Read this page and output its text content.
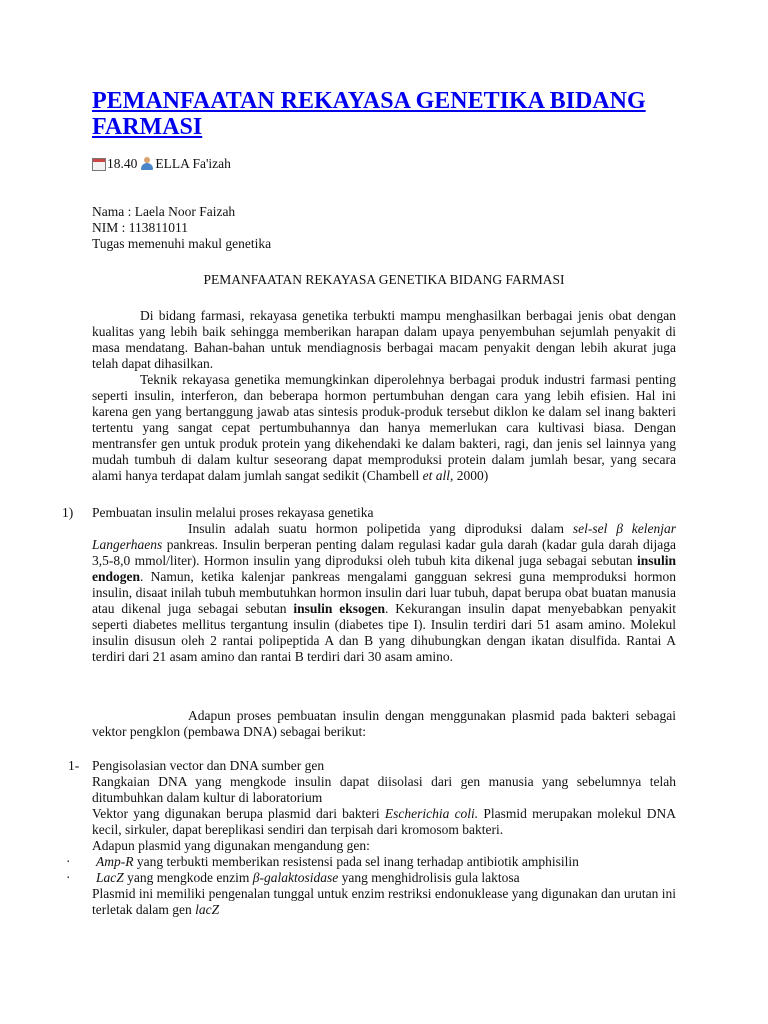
PEMANFAATAN REKAYASA GENETIKA BIDANG FARMASI
18.40 ELLA Fa'izah
Nama : Laela Noor Faizah
NIM : 113811011
Tugas memenuhi makul genetika

PEMANFAATAN REKAYASA GENETIKA BIDANG FARMASI

Di bidang farmasi, rekayasa genetika terbukti mampu menghasilkan berbagai jenis obat dengan kualitas yang lebih baik sehingga memberikan harapan dalam upaya penyembuhan sejumlah penyakit di masa mendatang. Bahan-bahan untuk mendiagnosis berbagai macam penyakit dengan lebih akurat juga telah dapat dihasilkan.

Teknik rekayasa genetika memungkinkan diperolehnya berbagai produk industri farmasi penting seperti insulin, interferon, dan beberapa hormon pertumbuhan dengan cara yang lebih efisien. Hal ini karena gen yang bertanggung jawab atas sintesis produk-produk tersebut diklon ke dalam sel inang bakteri tertentu yang sangat cepat pertumbuhannya dan hanya memerlukan cara kultivasi biasa. Dengan mentransfer gen untuk produk protein yang dikehendaki ke dalam bakteri, ragi, dan jenis sel lainnya yang mudah tumbuh di dalam kultur seseorang dapat memproduksi protein dalam jumlah besar, yang secara alami hanya terdapat dalam jumlah sangat sedikit (Chambell et all, 2000)

1) Pembuatan insulin melalui proses rekayasa genetika

Insulin adalah suatu hormon polipetida yang diproduksi dalam sel-sel β kelenjar Langerhaens pankreas. Insulin berperan penting dalam regulasi kadar gula darah (kadar gula darah dijaga 3,5-8,0 mmol/liter). Hormon insulin yang diproduksi oleh tubuh kita dikenal juga sebagai sebutan insulin endogen. Namun, ketika kalenjar pankreas mengalami gangguan sekresi guna memproduksi hormon insulin, disaat inilah tubuh membutuhkan hormon insulin dari luar tubuh, dapat berupa obat buatan manusia atau dikenal juga sebagai sebutan insulin eksogen. Kekurangan insulin dapat menyebabkan penyakit seperti diabetes mellitus tergantung insulin (diabetes tipe I). Insulin terdiri dari 51 asam amino. Molekul insulin disusun oleh 2 rantai polipeptida A dan B yang dihubungkan dengan ikatan disulfida. Rantai A terdiri dari 21 asam amino dan rantai B terdiri dari 30 asam amino.

Adapun proses pembuatan insulin dengan menggunakan plasmid pada bakteri sebagai vektor pengklon (pembawa DNA) sebagai berikut:

1- Pengisolasian vector dan DNA sumber gen

Rangkaian DNA yang mengkode insulin dapat diisolasi dari gen manusia yang sebelumnya telah ditumbuhkan dalam kultur di laboratorium

Vektor yang digunakan berupa plasmid dari bakteri Escherichia coli. Plasmid merupakan molekul DNA kecil, sirkuler, dapat bereplikasi sendiri dan terpisah dari kromosom bakteri.

Adapun plasmid yang digunakan mengandung gen:

· Amp-R yang terbukti memberikan resistensi pada sel inang terhadap antibiotik amphisilin
· LacZ yang mengkode enzim β-galaktosidase yang menghidrolisis gula laktosa

Plasmid ini memiliki pengenalan tunggal untuk enzim restriksi endonuklease yang digunakan dan urutan ini terletak dalam gen lacZ
